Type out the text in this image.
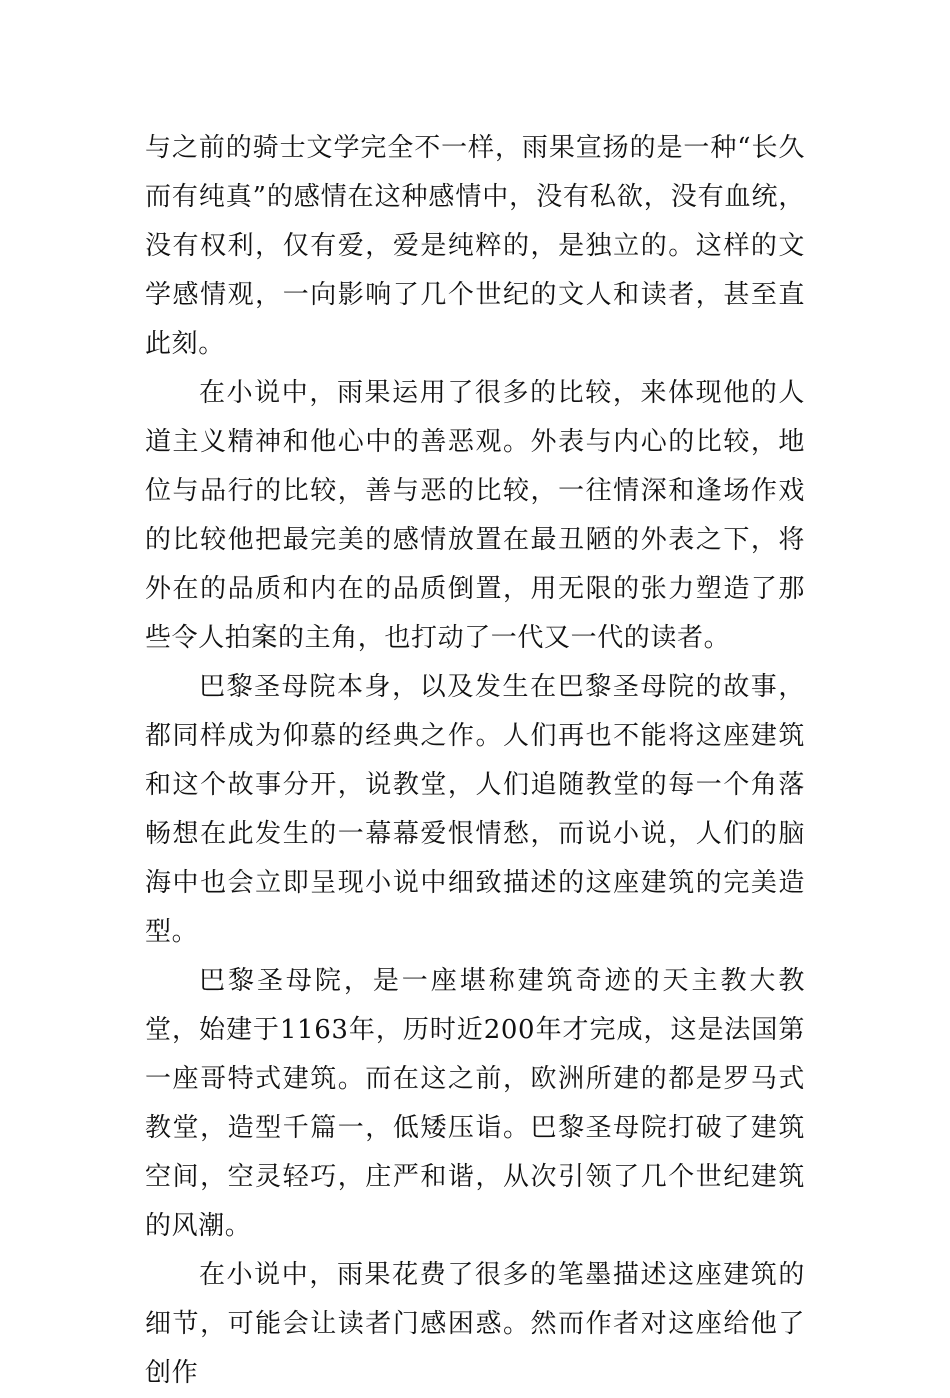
与之前的骑士文学完全不一样，雨果宣扬的是一种“长久而有纯真”的感情在这种感情中，没有私欲，没有血统，没有权利，仅有爱，爱是纯粹的，是独立的。这样的文学感情观，一向影响了几个世纪的文人和读者，甚至直此刻。

在小说中，雨果运用了很多的比较，来体现他的人道主义精神和他心中的善恶观。外表与内心的比较，地位与品行的比较，善与恶的比较，一往情深和逢场作戏的比较他把最完美的感情放置在最丑陋的外表之下，将外在的品质和内在的品质倒置，用无限的张力塑造了那些令人拍案的主角，也打动了一代又一代的读者。

巴黎圣母院本身，以及发生在巴黎圣母院的故事，都同样成为仰慕的经典之作。人们再也不能将这座建筑和这个故事分开，说教堂，人们追随教堂的每一个角落畅想在此发生的一幕幕爱恨情愁，而说小说，人们的脑海中也会立即呈现小说中细致描述的这座建筑的完美造型。

巴黎圣母院，是一座堪称建筑奇迹的天主教大教堂，始建于1163年，历时近200年才完成，这是法国第一座哥特式建筑。而在这之前，欧洲所建的都是罗马式教堂，造型千篇一，低矮压诣。巴黎圣母院打破了建筑空间，空灵轻巧，庄严和谐，从次引领了几个世纪建筑的风潮。

在小说中，雨果花费了很多的笔墨描述这座建筑的细节，可能会让读者门感困惑。然而作者对这座给他了创作
